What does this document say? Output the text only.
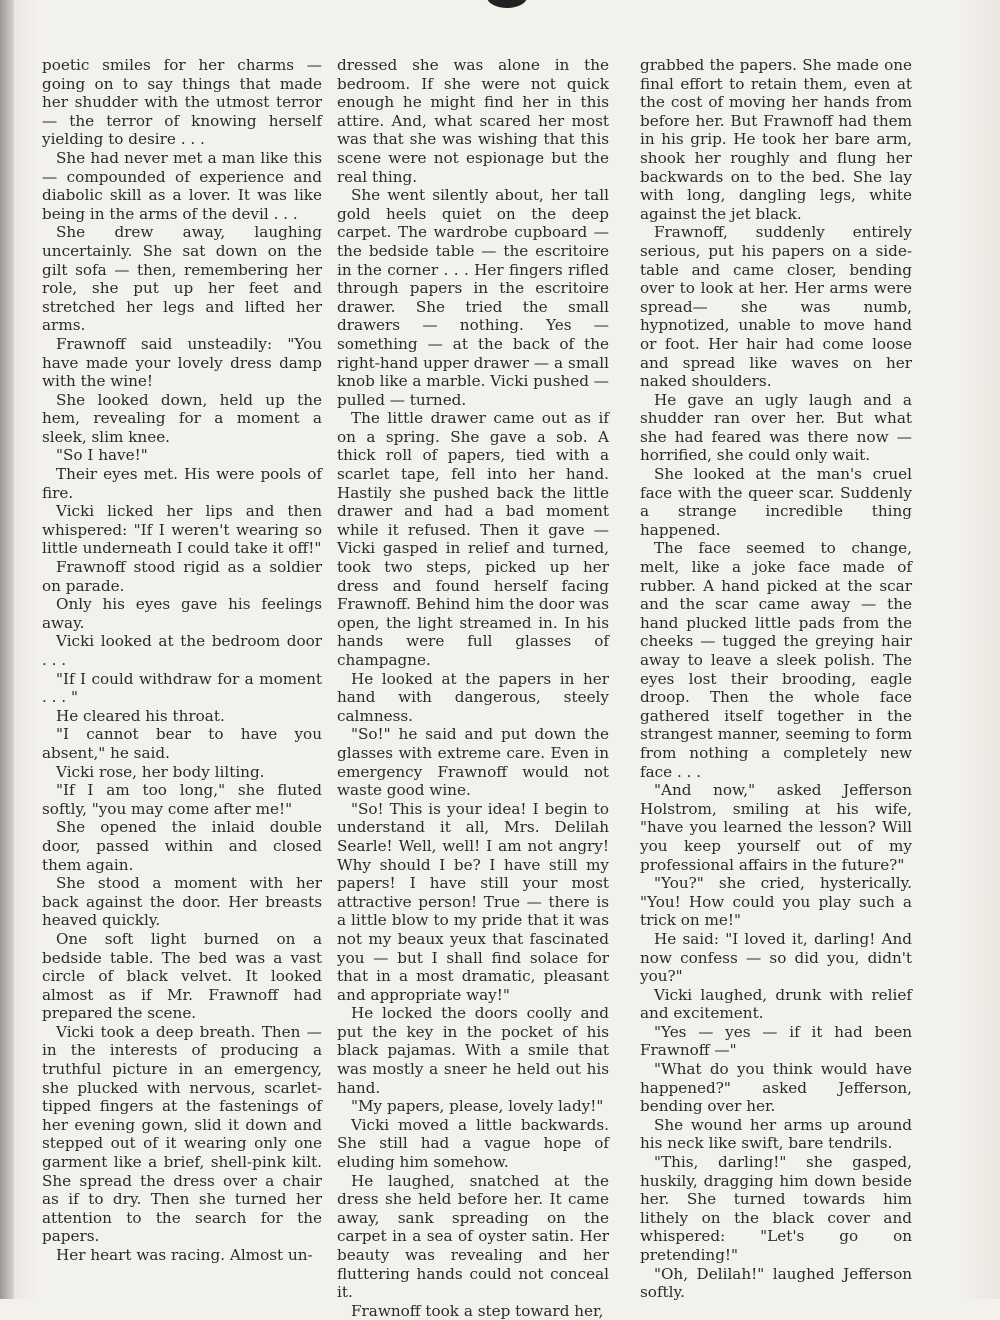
poetic smiles for her charms — going on to say things that made her shudder with the utmost terror — the terror of knowing herself yielding to desire . . .

She had never met a man like this — compounded of experience and diabolic skill as a lover. It was like being in the arms of the devil . . .

She drew away, laughing uncertainly. She sat down on the gilt sofa — then, remembering her role, she put up her feet and stretched her legs and lifted her arms.

Frawnoff said unsteadily: "You have made your lovely dress damp with the wine!

She looked down, held up the hem, revealing for a moment a sleek, slim knee.

"So I have!"

Their eyes met. His were pools of fire.

Vicki licked her lips and then whispered: "If I weren't wearing so little underneath I could take it off!"

Frawnoff stood rigid as a soldier on parade.

Only his eyes gave his feelings away.

Vicki looked at the bedroom door . . .

"If I could withdraw for a moment . . . "

He cleared his throat.

"I cannot bear to have you absent," he said.

Vicki rose, her body lilting.

"If I am too long," she fluted softly, "you may come after me!"

She opened the inlaid double door, passed within and closed them again.

She stood a moment with her back against the door. Her breasts heaved quickly.

One soft light burned on a bedside table. The bed was a vast circle of black velvet. It looked almost as if Mr. Frawnoff had prepared the scene.

Vicki took a deep breath. Then — in the interests of producing a truthful picture in an emergency, she plucked with nervous, scarlet-tipped fingers at the fastenings of her evening gown, slid it down and stepped out of it wearing only one garment like a brief, shell-pink kilt. She spread the dress over a chair as if to dry. Then she turned her attention to the search for the papers.

Her heart was racing. Almost un-

dressed she was alone in the bedroom. If she were not quick enough he might find her in this attire. And, what scared her most was that she was wishing that this scene were not espionage but the real thing.

She went silently about, her tall gold heels quiet on the deep carpet. The wardrobe cupboard — the bedside table — the escritoire in the corner . . . Her fingers rifled through papers in the escritoire drawer. She tried the small drawers — nothing. Yes — something — at the back of the right-hand upper drawer — a small knob like a marble. Vicki pushed — pulled — turned.

The little drawer came out as if on a spring. She gave a sob. A thick roll of papers, tied with a scarlet tape, fell into her hand. Hastily she pushed back the little drawer and had a bad moment while it refused. Then it gave — Vicki gasped in relief and turned, took two steps, picked up her dress and found herself facing Frawnoff. Behind him the door was open, the light streamed in. In his hands were full glasses of champagne.

He looked at the papers in her hand with dangerous, steely calmness.

"So!" he said and put down the glasses with extreme care. Even in emergency Frawnoff would not waste good wine.

"So! This is your idea! I begin to understand it all, Mrs. Delilah Searle! Well, well! I am not angry! Why should I be? I have still my papers! I have still your most attractive person! True — there is a little blow to my pride that it was not my beaux yeux that fascinated you — but I shall find solace for that in a most dramatic, pleasant and appropriate way!"

He locked the doors coolly and put the key in the pocket of his black pajamas. With a smile that was mostly a sneer he held out his hand.

"My papers, please, lovely lady!"

Vicki moved a little backwards. She still had a vague hope of eluding him somehow.

He laughed, snatched at the dress she held before her. It came away, sank spreading on the carpet in a sea of oyster satin. Her beauty was revealing and her fluttering hands could not conceal it.

Frawnoff took a step toward her,

grabbed the papers. She made one final effort to retain them, even at the cost of moving her hands from before her. But Frawnoff had them in his grip. He took her bare arm, shook her roughly and flung her backwards on to the bed. She lay with long, dangling legs, white against the jet black.

Frawnoff, suddenly entirely serious, put his papers on a side-table and came closer, bending over to look at her. Her arms were spread— she was numb, hypnotized, unable to move hand or foot. Her hair had come loose and spread like waves on her naked shoulders.

He gave an ugly laugh and a shudder ran over her. But what she had feared was there now — horrified, she could only wait.

She looked at the man's cruel face with the queer scar. Suddenly a strange incredible thing happened.

The face seemed to change, melt, like a joke face made of rubber. A hand picked at the scar and the scar came away — the hand plucked little pads from the cheeks — tugged the greying hair away to leave a sleek polish. The eyes lost their brooding, eagle droop. Then the whole face gathered itself together in the strangest manner, seeming to form from nothing a completely new face . . .

"And now," asked Jefferson Holstrom, smiling at his wife, "have you learned the lesson? Will you keep yourself out of my professional affairs in the future?"

"You?" she cried, hysterically. "You! How could you play such a trick on me!"

He said: "I loved it, darling! And now confess — so did you, didn't you?"

Vicki laughed, drunk with relief and excitement.

"Yes — yes — if it had been Frawnoff —"

"What do you think would have happened?" asked Jefferson, bending over her.

She wound her arms up around his neck like swift, bare tendrils.

"This, darling!" she gasped, huskily, dragging him down beside her. She turned towards him lithely on the black cover and whispered: "Let's go on pretending!"

"Oh, Delilah!" laughed Jefferson softly.
